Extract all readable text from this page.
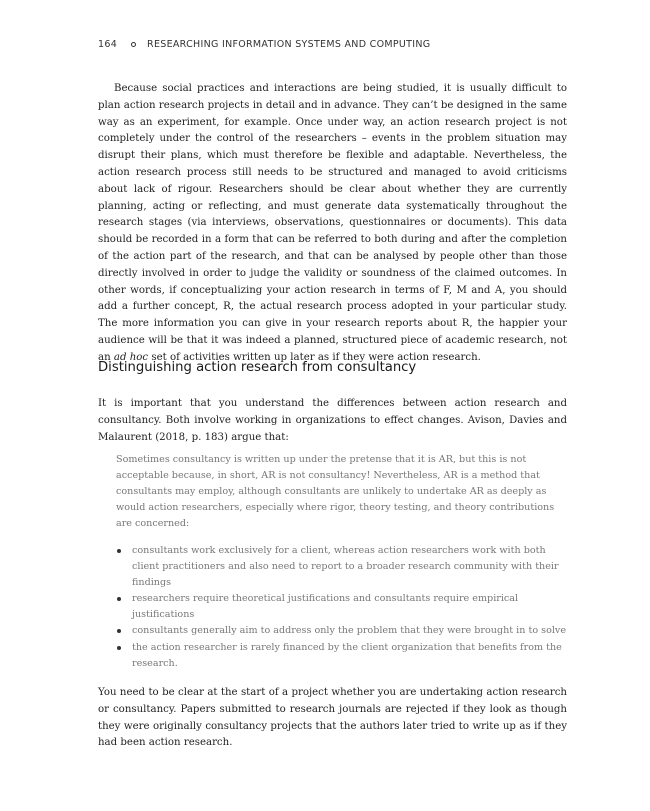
164	RESEARCHING INFORMATION SYSTEMS AND COMPUTING

Because social practices and interactions are being studied, it is usually difficult to plan action research projects in detail and in advance. They can’t be designed in the same way as an experiment, for example. Once under way, an action research project is not completely under the control of the researchers – events in the problem situation may disrupt their plans, which must therefore be flexible and adaptable. Nevertheless, the action research process still needs to be structured and managed to avoid criticisms about lack of rigour. Researchers should be clear about whether they are currently planning, acting or reflecting, and must generate data systematically throughout the research stages (via interviews, observations, questionnaires or documents). This data should be recorded in a form that can be referred to both during and after the completion of the action part of the research, and that can be analysed by people other than those directly involved in order to judge the validity or soundness of the claimed outcomes. In other words, if conceptualizing your action research in terms of F, M and A, you should add a further concept, R, the actual research process adopted in your particular study. The more information you can give in your research reports about R, the happier your audience will be that it was indeed a planned, structured piece of academic research, not an ad hoc set of activities written up later as if they were action research.

Distinguishing action research from consultancy

It is important that you understand the differences between action research and consultancy. Both involve working in organizations to effect changes. Avison, Davies and Malaurent (2018, p. 183) argue that:

Sometimes consultancy is written up under the pretense that it is AR, but this is not acceptable because, in short, AR is not consultancy! Nevertheless, AR is a method that consultants may employ, although consultants are unlikely to undertake AR as deeply as would action researchers, especially where rigor, theory testing, and theory contributions are concerned:

consultants work exclusively for a client, whereas action researchers work with both client practitioners and also need to report to a broader research community with their findings
researchers require theoretical justifications and consultants require empirical justifications
consultants generally aim to address only the problem that they were brought in to solve
the action researcher is rarely financed by the client organization that benefits from the research.

You need to be clear at the start of a project whether you are undertaking action research or consultancy. Papers submitted to research journals are rejected if they look as though they were originally consultancy projects that the authors later tried to write up as if they had been action research.
